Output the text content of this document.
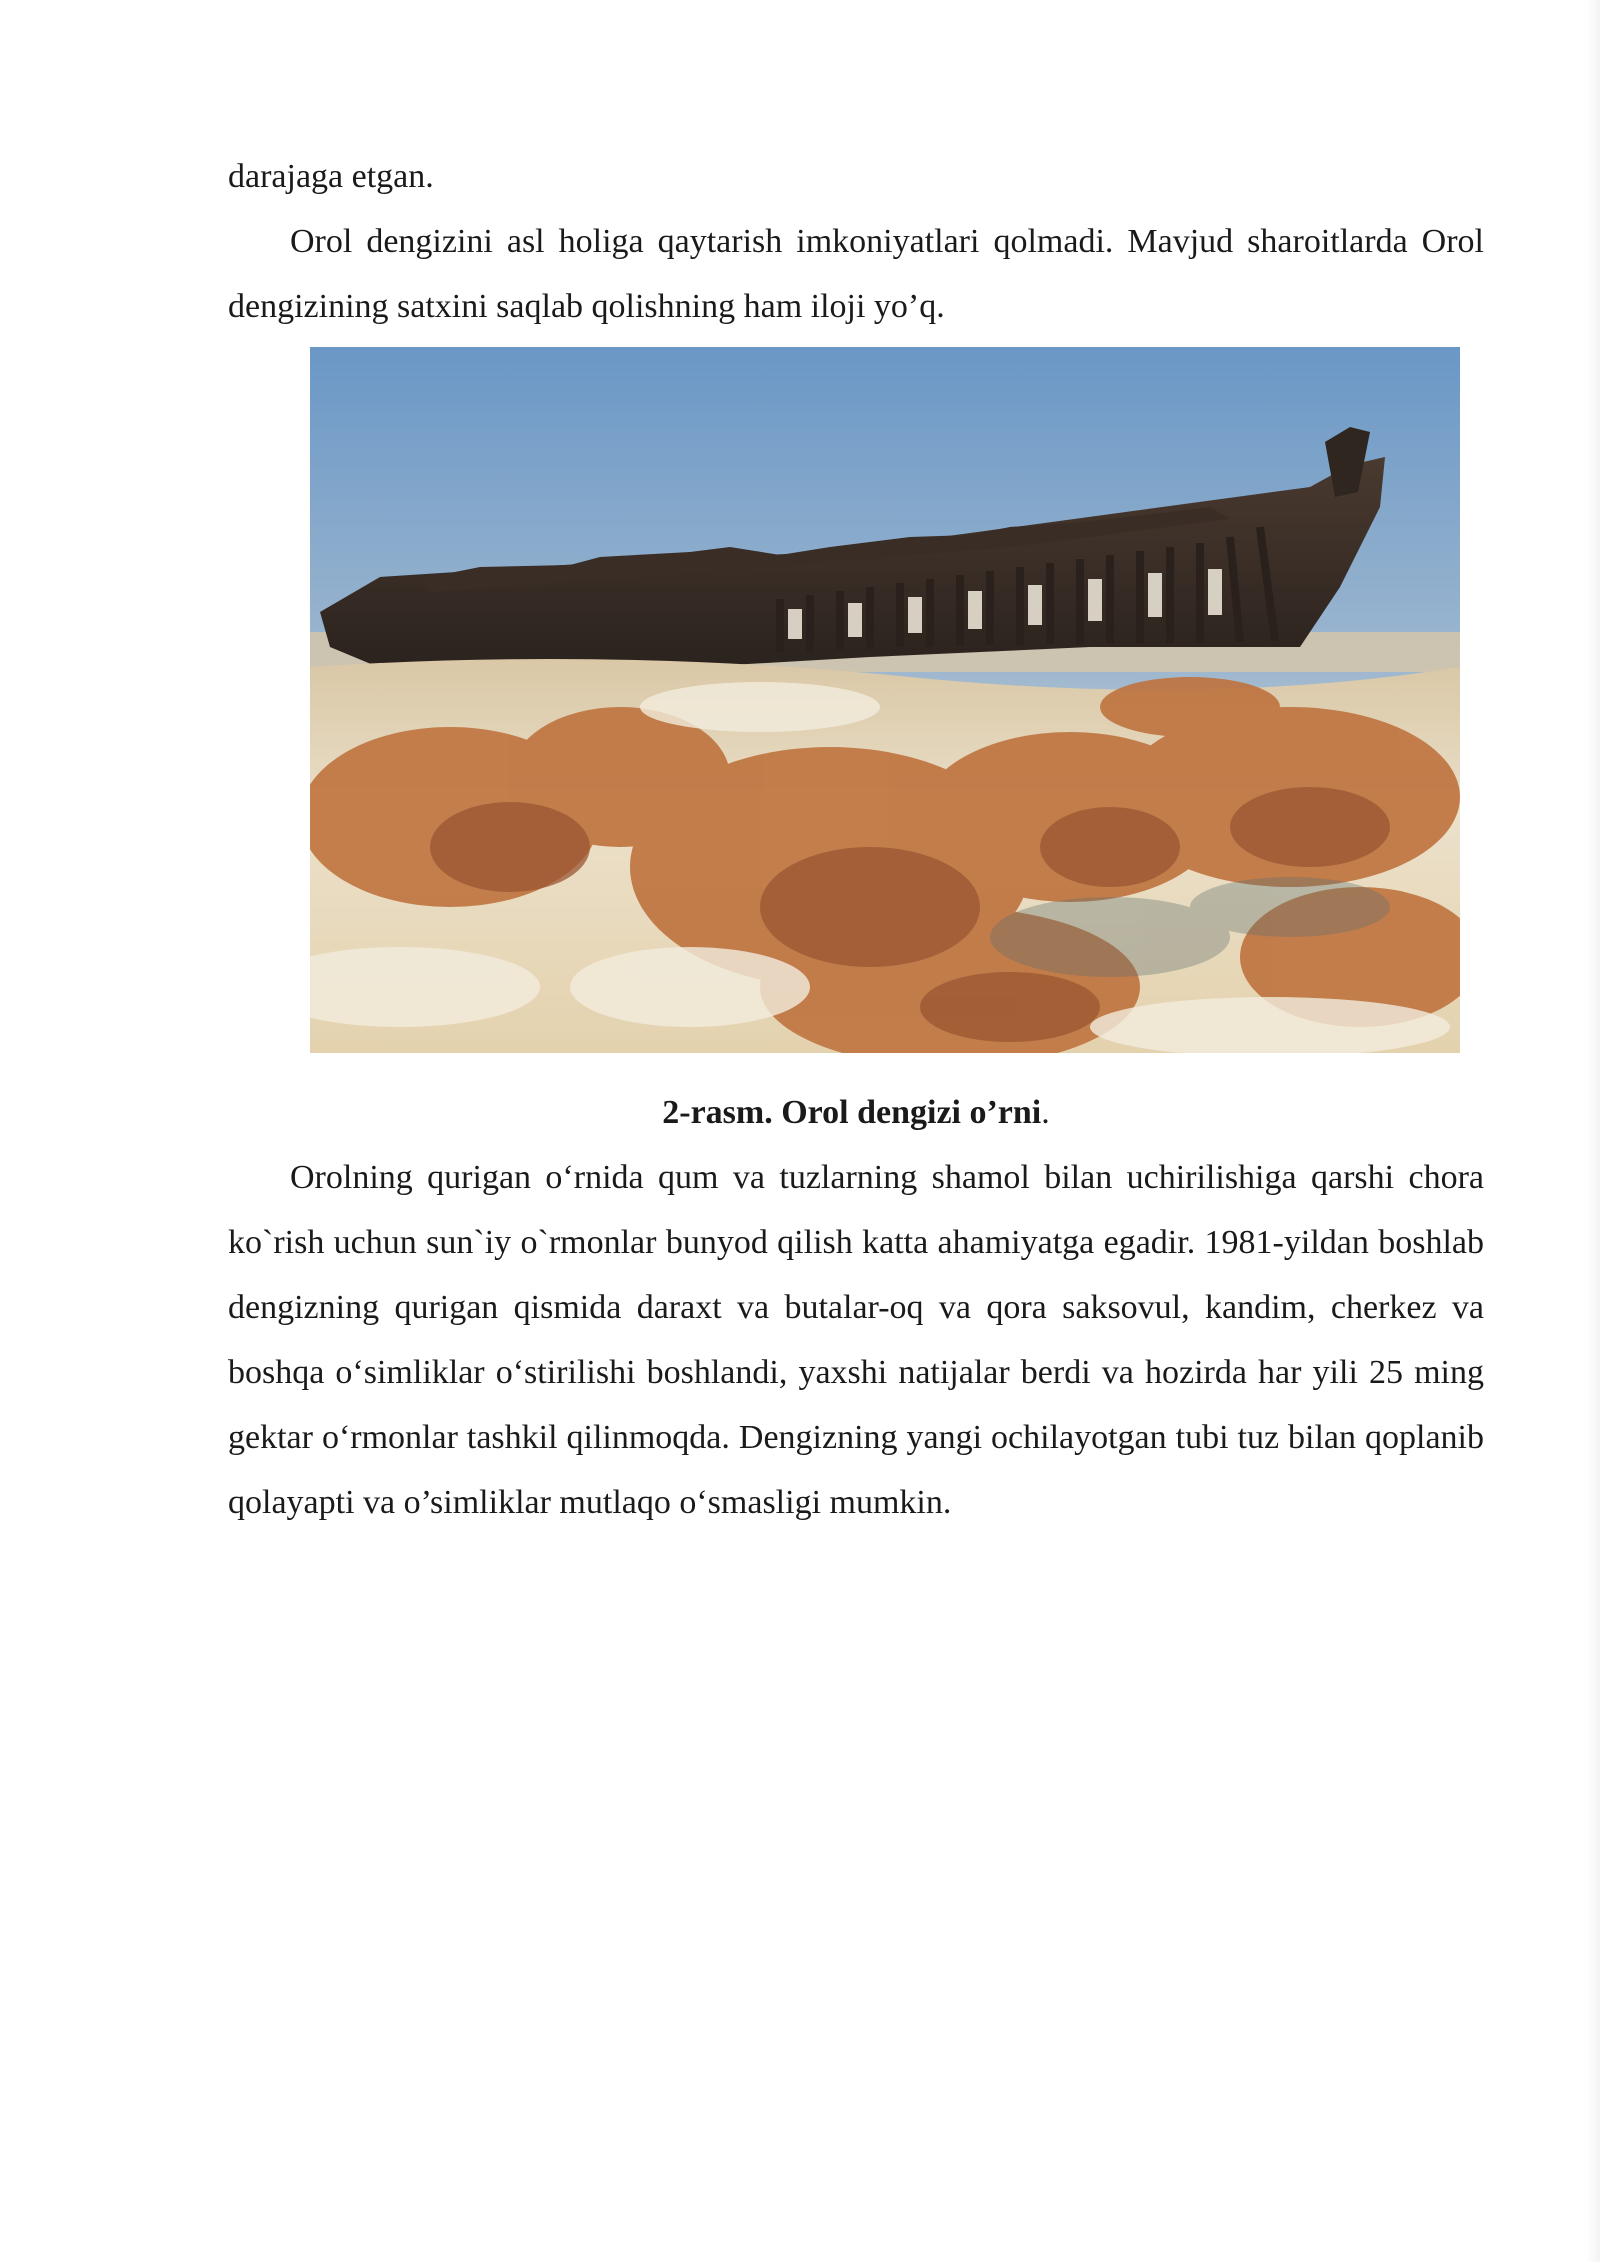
darajaga etgan.

Orol dengizini asl holiga qaytarish imkoniyatlari qolmadi. Mavjud sharoitlarda Orol dengizining satxini saqlab qolishning ham iloji yo’q.

2-rasm. Orol dengizi o’rni.

Orolning qurigan o‘rnida qum va tuzlarning shamol bilan uchirilishiga qarshi chora ko`rish uchun sun`iy o`rmonlar bunyod qilish katta ahamiyatga egadir. 1981-yildan boshlab dengizning qurigan qismida daraxt va butalar-oq va qora saksovul, kandim, cherkez va boshqa o‘simliklar o‘stirilishi boshlandi, yaxshi natijalar berdi va hozirda har yili 25 ming gektar o‘rmonlar tashkil qilinmoqda. Dengizning yangi ochilayotgan tubi tuz bilan qoplanib qolayapti va o’simliklar mutlaqo o‘smasligi mumkin.
